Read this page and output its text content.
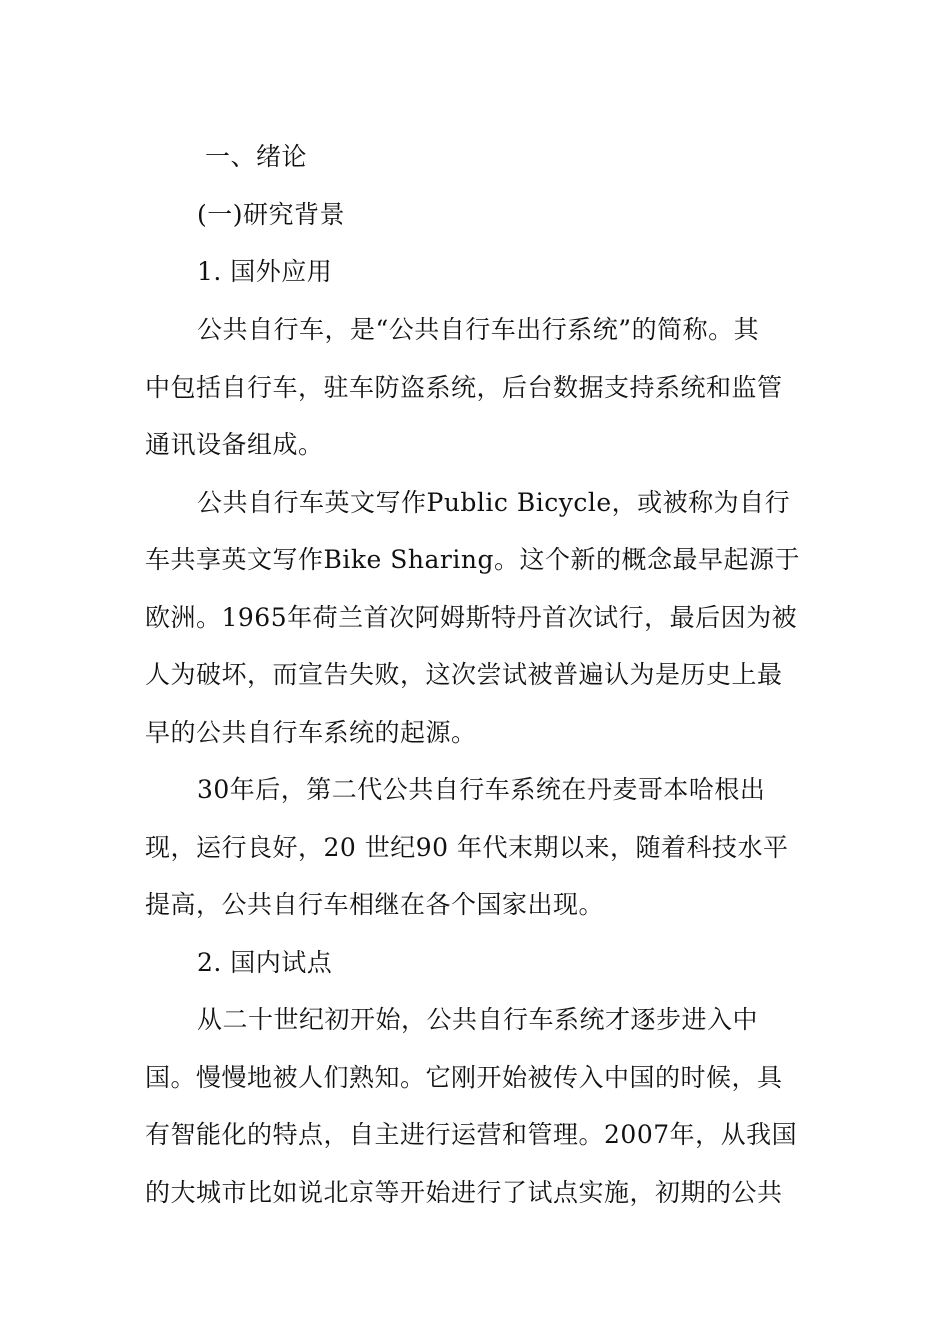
一、绪论
(一)研究背景
1. 国外应用
公共自行车，是“公共自行车出行系统”的简称。其
中包括自行车，驻车防盗系统，后台数据支持系统和监管
通讯设备组成。
公共自行车英文写作Public Bicycle，或被称为自行
车共享英文写作Bike Sharing。这个新的概念最早起源于
欧洲。1965年荷兰首次阿姆斯特丹首次试行，最后因为被
人为破坏，而宣告失败，这次尝试被普遍认为是历史上最
早的公共自行车系统的起源。
30年后，第二代公共自行车系统在丹麦哥本哈根出
现，运行良好，20 世纪90 年代末期以来，随着科技水平
提高，公共自行车相继在各个国家出现。
2. 国内试点
从二十世纪初开始，公共自行车系统才逐步进入中
国。慢慢地被人们熟知。它刚开始被传入中国的时候，具
有智能化的特点，自主进行运营和管理。2007年，从我国
的大城市比如说北京等开始进行了试点实施，初期的公共
